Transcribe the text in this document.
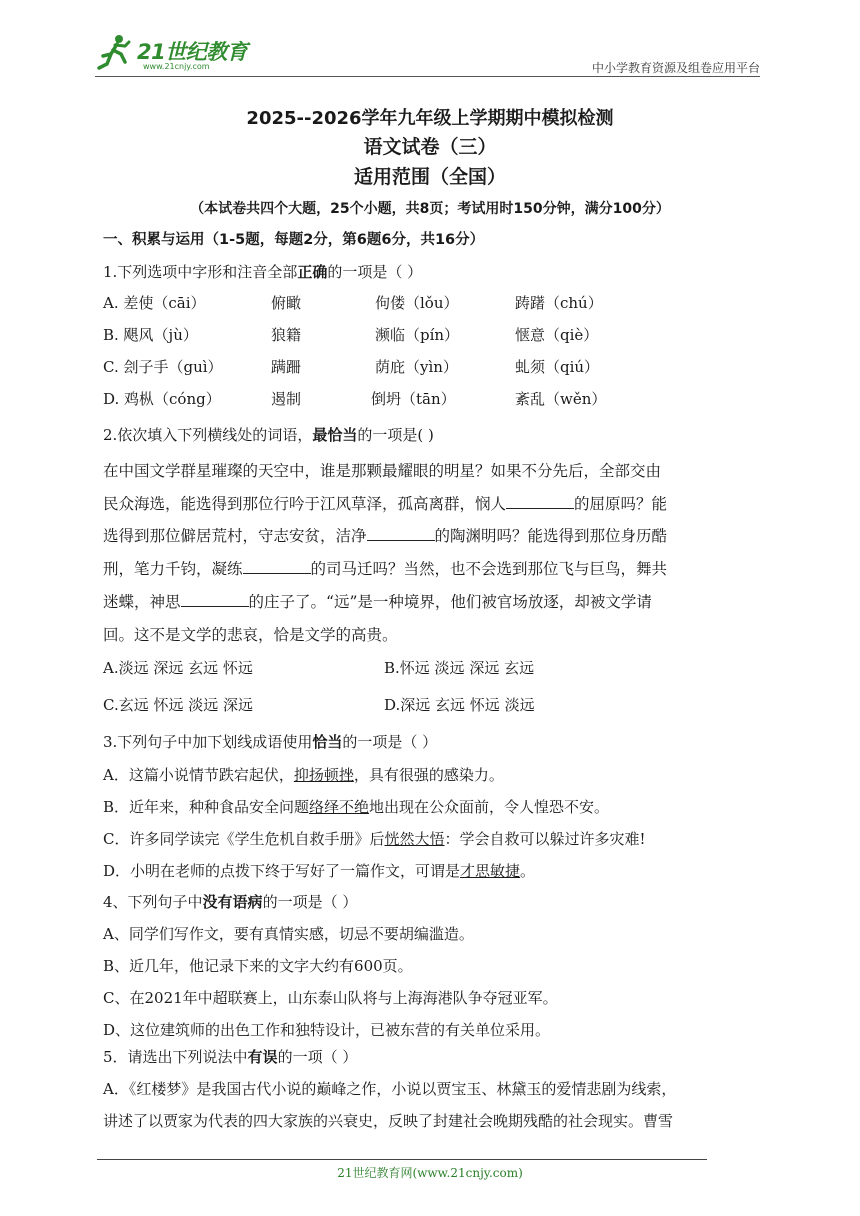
21世纪教育
www.21cnjy.com	中小学教育资源及组卷应用平台
2025--2026学年九年级上学期期中模拟检测
语文试卷（三）
适用范围（全国）
（本试卷共四个大题，25个小题，共8页；考试用时150分钟，满分100分）
一、积累与运用（1-5题，每题2分，第6题6分，共16分）
1.下列选项中字形和注音全部正确的一项是（ ）
A. 差使（cāi）	俯瞰	佝偻（lǒu）	踌躇（chú）
B. 飓风（jù）	狼籍	濒临（pín）	惬意（qiè）
C. 刽子手（guì）	蹒跚	荫庇（yìn）	虬须（qiú）
D. 鸡枞（cóng）	遏制	倒坍（tān）	紊乱（wěn）
2.依次填入下列横线处的词语，最恰当的一项是( )
在中国文学群星璀璨的天空中，谁是那颗最耀眼的明星？如果不分先后，全部交由
民众海选，能选得到那位行吟于江风草泽，孤高离群，悯人	的屈原吗？能
选得到那位僻居荒村，守志安贫，洁净	的陶渊明吗？能选得到那位身历酷
刑，笔力千钧，凝练	的司马迁吗？当然，也不会选到那位飞与巨鸟，舞共
迷蝶，神思	的庄子了。“远”是一种境界，他们被官场放逐，却被文学请
回。这不是文学的悲哀，恰是文学的高贵。
A.淡远 深远 玄远 怀远	B.怀远 淡远 深远 玄远
C.玄远 怀远 淡远 深远	D.深远 玄远 怀远 淡远
3.下列句子中加下划线成语使用恰当的一项是（ ）
A．这篇小说情节跌宕起伏，抑扬顿挫，具有很强的感染力。
B．近年来，种种食品安全问题络绎不绝地出现在公众面前，令人惶恐不安。
C．许多同学读完《学生危机自救手册》后恍然大悟：学会自救可以躲过许多灾难!
D．小明在老师的点拨下终于写好了一篇作文，可谓是才思敏捷。
4、下列句子中没有语病的一项是（ ）
A、同学们写作文，要有真情实感，切忌不要胡编滥造。
B、近几年，他记录下来的文字大约有600页。
C、在2021年中超联赛上，山东泰山队将与上海海港队争夺冠亚军。
D、这位建筑师的出色工作和独特设计，已被东营的有关单位采用。
5．请选出下列说法中有误的一项（ ）
A．《红楼梦》是我国古代小说的巅峰之作，小说以贾宝玉、林黛玉的爱情悲剧为线索，
讲述了以贾家为代表的四大家族的兴衰史，反映了封建社会晚期残酷的社会现实。曹雪
21世纪教育网(www.21cnjy.com)
